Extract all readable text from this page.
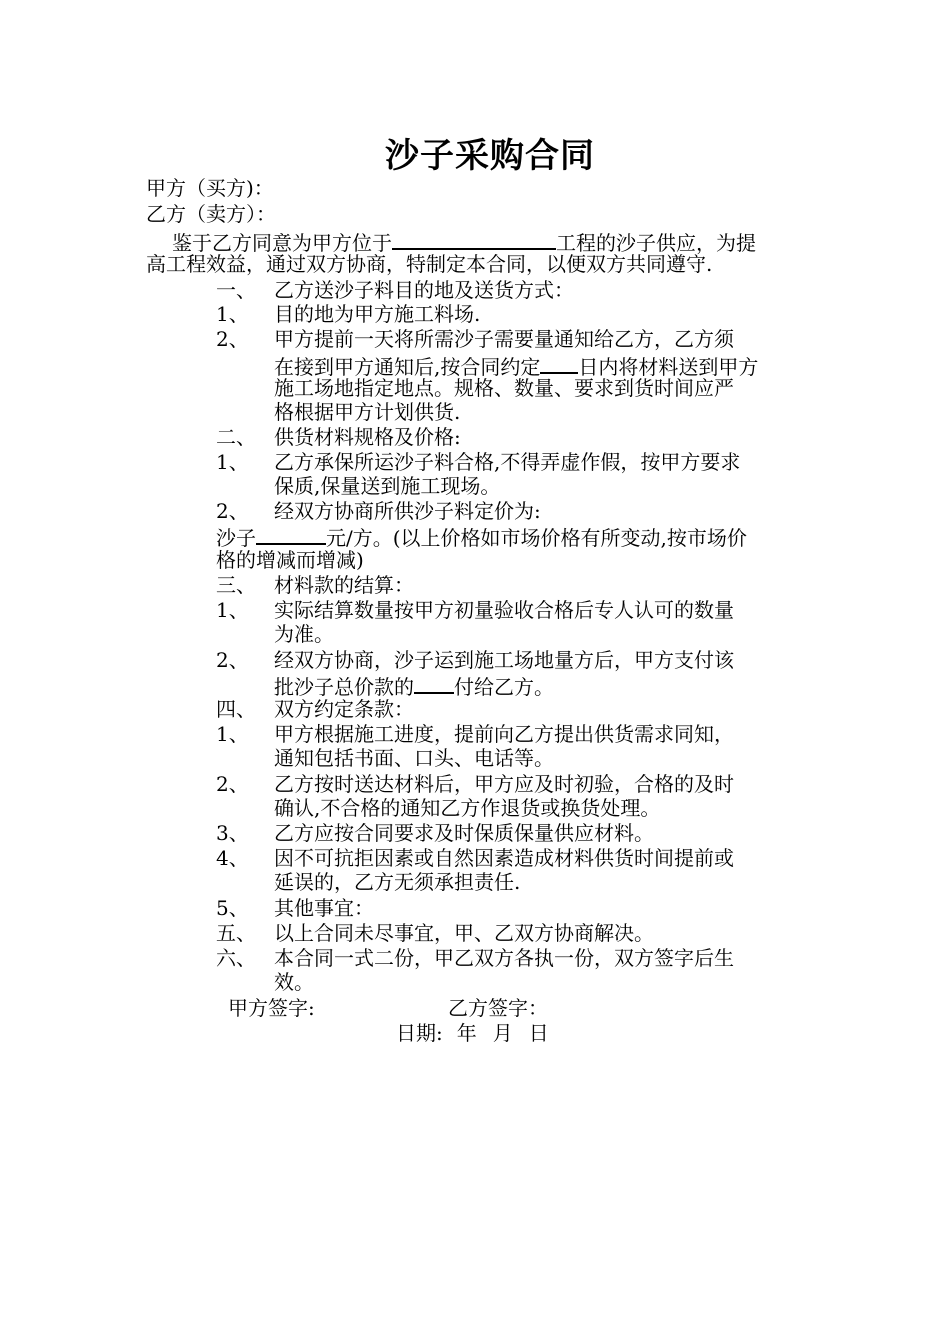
沙子采购合同
甲方（买方)：
乙方（卖方）：
鉴于乙方同意为甲方位于	工程的沙子供应，为提
高工程效益，通过双方协商，特制定本合同，以便双方共同遵守.
一、 乙方送沙子料目的地及送货方式：
1、 目的地为甲方施工料场.
2、 甲方提前一天将所需沙子需要量通知给乙方，乙方须
在接到甲方通知后,按合同约定 日内将材料送到甲方
施工场地指定地点。规格、数量、要求到货时间应严
格根据甲方计划供货.
二、 供货材料规格及价格:
1、 乙方承保所运沙子料合格,不得弄虚作假，按甲方要求
保质,保量送到施工现场。
2、 经双方协商所供沙子料定价为:
沙子	元/方。(以上价格如市场价格有所变动,按市场价
格的增减而增减)
三、 材料款的结算：
1、 实际结算数量按甲方初量验收合格后专人认可的数量
为准。
2、 经双方协商，沙子运到施工场地量方后，甲方支付该
批沙子总价款的 付给乙方。
四、 双方约定条款：
1、 甲方根据施工进度，提前向乙方提出供货需求同知，
通知包括书面、口头、电话等。
2、 乙方按时送达材料后，甲方应及时初验，合格的及时
确认,不合格的通知乙方作退货或换货处理。
3、 乙方应按合同要求及时保质保量供应材料。
4、 因不可抗拒因素或自然因素造成材料供货时间提前或
延误的，乙方无须承担责任.
5、 其他事宜：
五、 以上合同未尽事宜，甲、乙双方协商解决。
六、 本合同一式二份，甲乙双方各执一份，双方签字后生
效。
甲方签字:	乙方签字：
日期: 年 月 日
